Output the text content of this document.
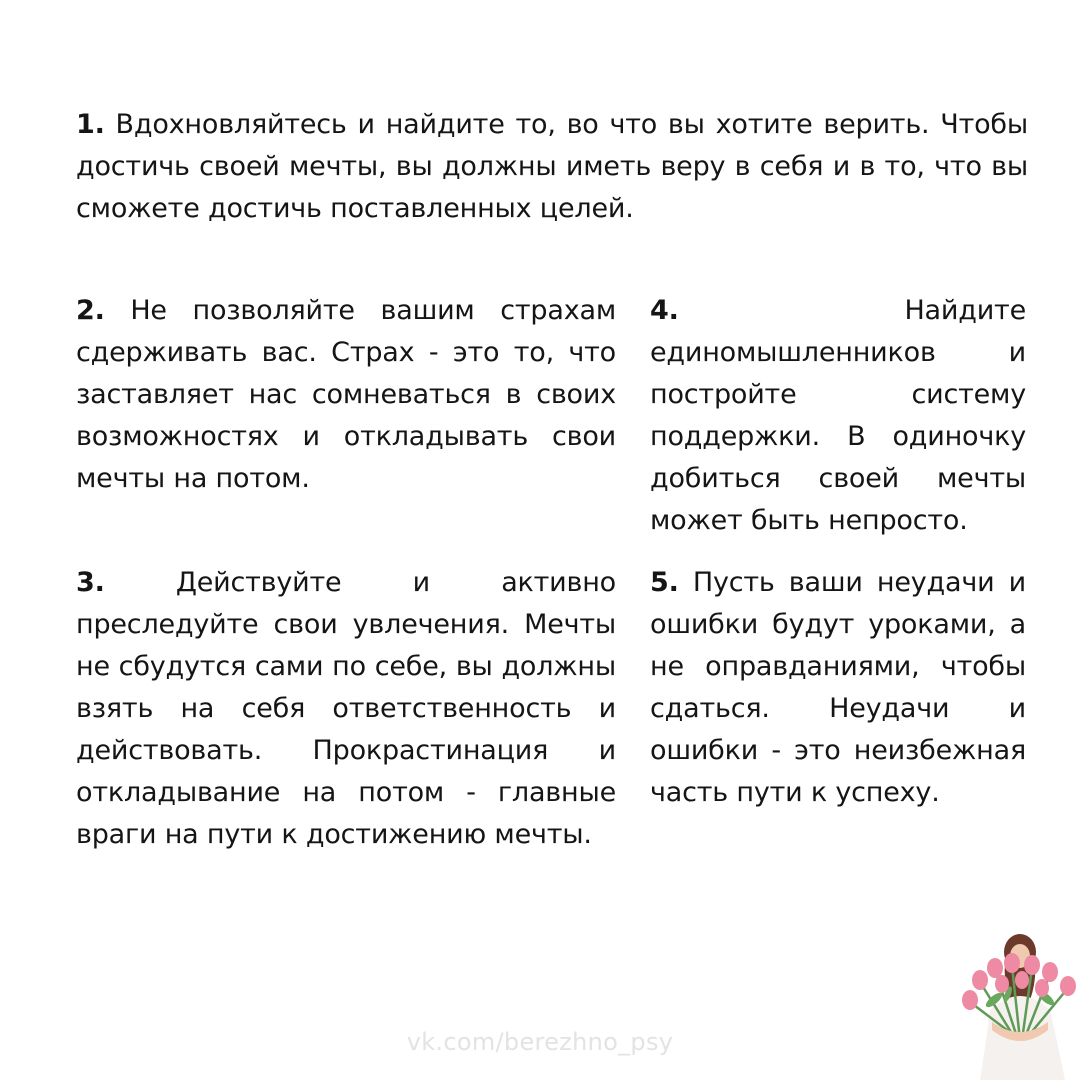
1. Вдохновляйтесь и найдите то, во что вы хотите верить. Чтобы достичь своей мечты, вы должны иметь веру в себя и в то, что вы сможете достичь поставленных целей.
2. Не позволяйте вашим страхам сдерживать вас. Страх - это то, что заставляет нас сомневаться в своих возможностях и откладывать свои мечты на потом.
3.	Действуйте и активно преследуйте свои увлечения. Мечты не сбудутся сами по себе, вы должны взять на себя ответственность и действовать. Прокрастинация и откладывание на потом - главные враги на пути к достижению мечты.
4.	Найдите единомышленников и постройте систему поддержки. В одиночку добиться своей мечты может быть непросто.
5. Пусть ваши неудачи и ошибки будут уроками, а не оправданиями, чтобы сдаться. Неудачи и ошибки - это неизбежная часть пути к успеху.
vk.com/berezhno_psy
